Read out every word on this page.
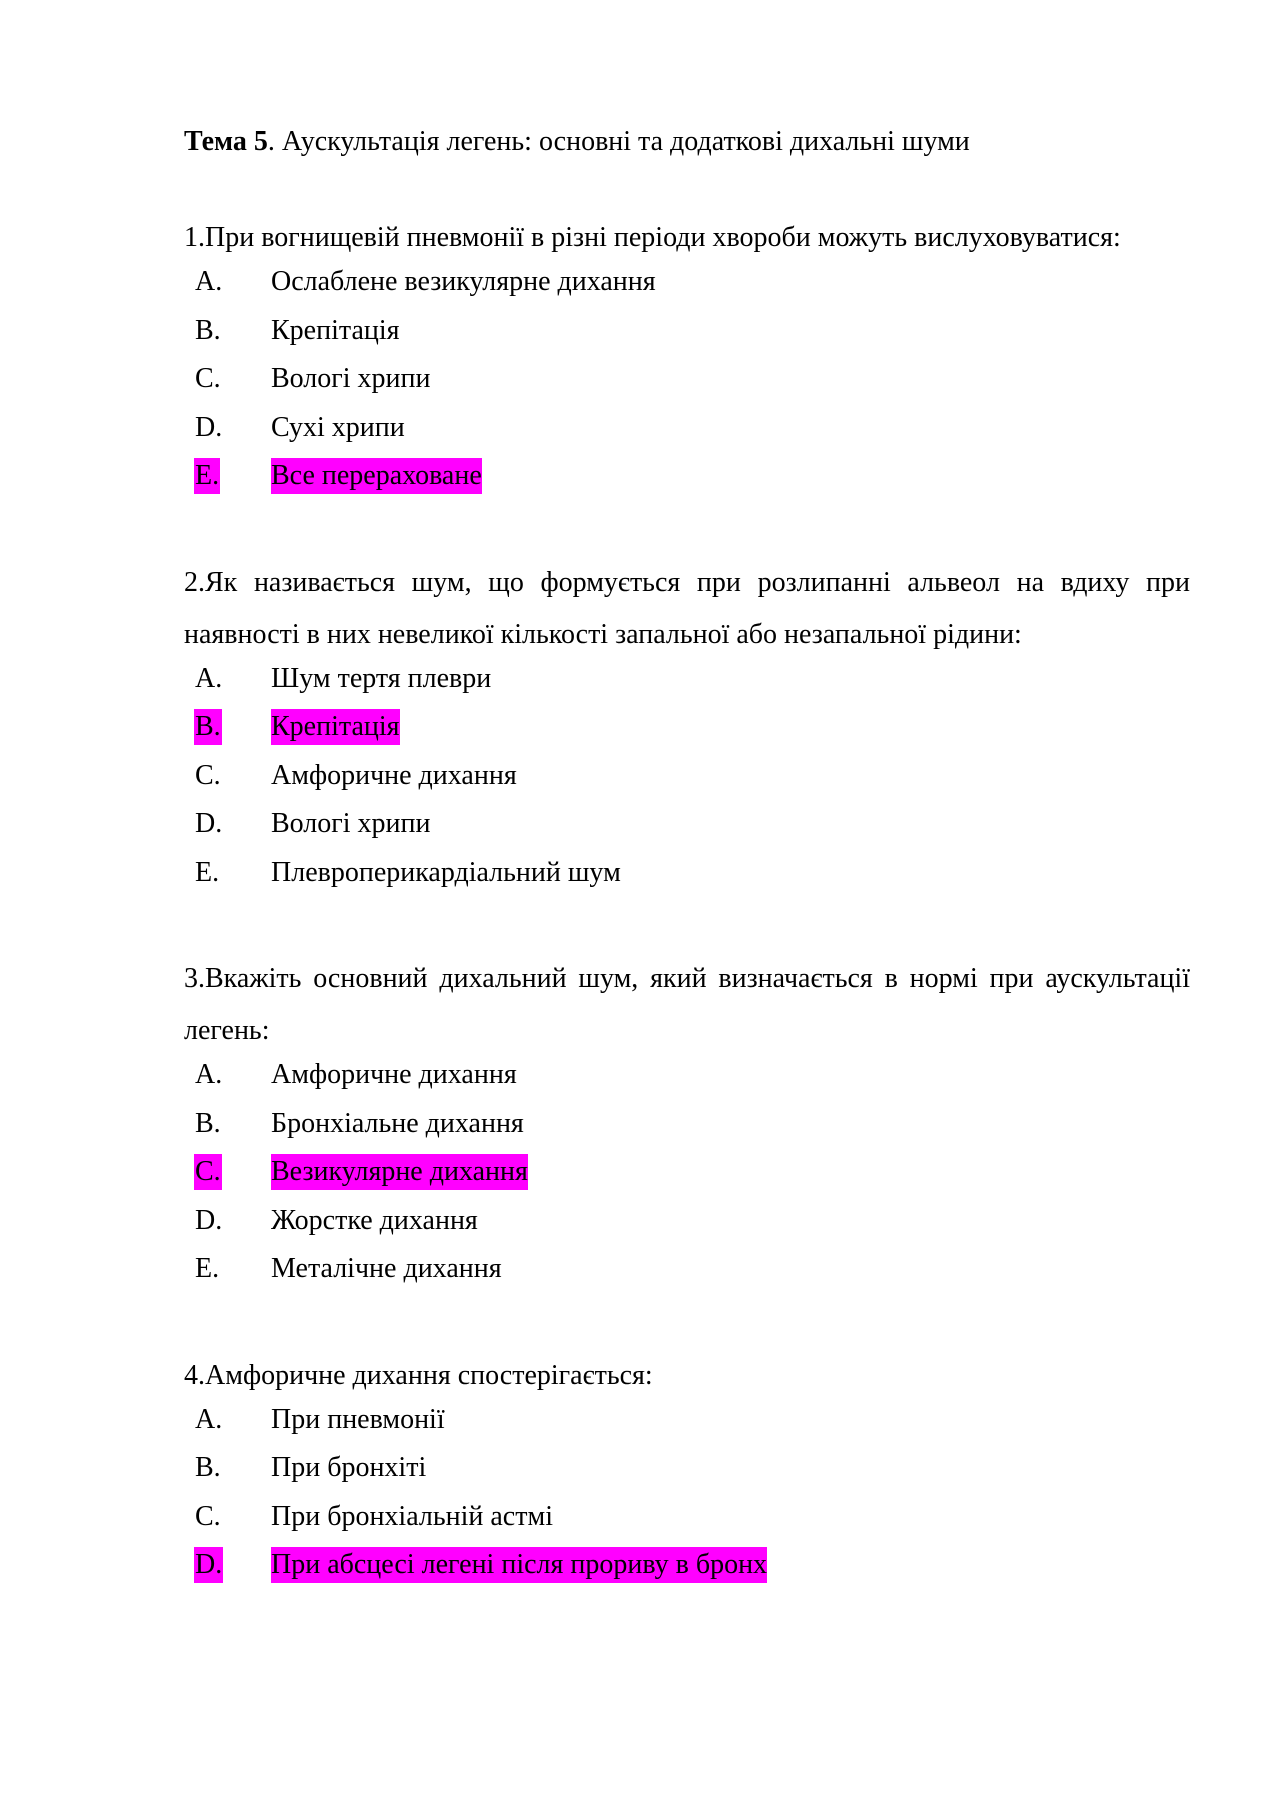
Тема 5. Аускультація легень: основні та додаткові дихальні шуми

1.При вогнищевій пневмонії в різні періоди хвороби можуть вислуховуватися:

A. Ослаблене везикулярне дихання
B. Крепітація
C. Вологі хрипи
D. Сухі хрипи
E. Все перераховане

2.Як називається шум, що формується при розлипанні альвеол на вдиху при наявності в них невеликої кількості запальної або незапальної рідини:

A. Шум тертя плеври
B. Крепітація
C. Амфоричне дихання
D. Вологі хрипи
E. Плевроперикардіальний шум

3.Вкажіть основний дихальний шум, який визначається в нормі при аускультації легень:

A. Амфоричне дихання
B. Бронхіальне дихання
C. Везикулярне дихання
D. Жорстке дихання
E. Металічне дихання

4.Амфоричне дихання спостерігається:

A. При пневмонії
B. При бронхіті
C. При бронхіальній астмі
D. При абсцесі легені після прориву в бронх
